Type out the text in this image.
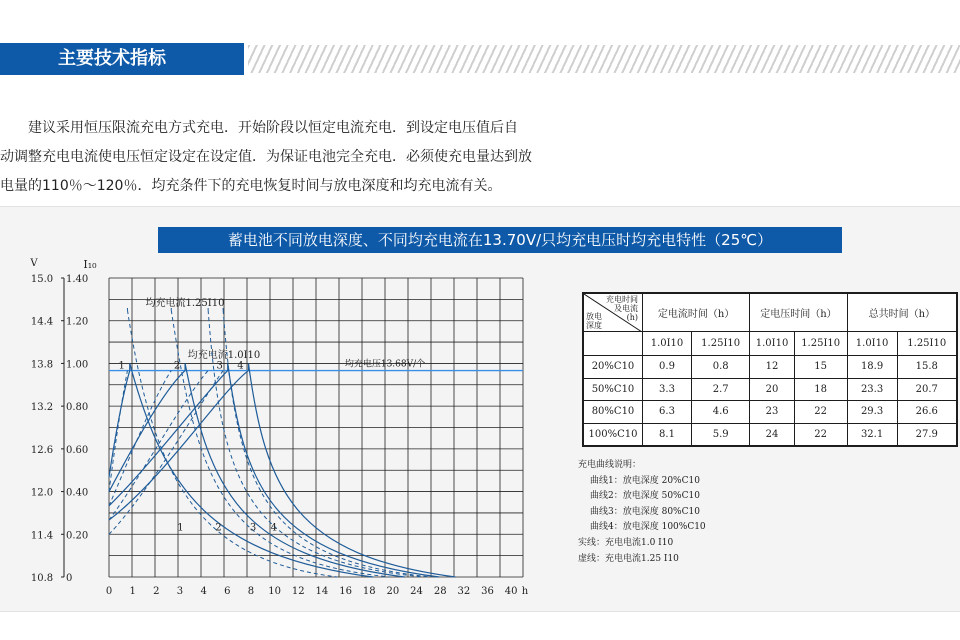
主要技术指标
　　建议采用恒压限流充电方式充电．开始阶段以恒定电流充电．到设定电压值后自
动调整充电电流使电压恒定设定在设定值．为保证电池完全充电．必须使充电量达到放
电量的110％～120％．均充条件下的充电恢复时间与放电深度和均充电流有关。
蓄电池不同放电深度、不同均充电流在13.70V/只均充电压时均充电特性（25℃）
V	I₁₀
h
15.0
14.4
13.8
13.2
12.6
12.0
11.4
10.8
1.40
1.20
1.00
0.80
0.60
0.40
0.20
0
0 1 2 3 4 6 8 10 12 14 16 18 20 24 28 32 36 40
均充电压13.68V/个
均充电流1.25I10
均充电流1.0I10
1
1
2
2
3
3
4
4
充电时间
及电流
(h)
放电
深度	定电流时间（h）		定电压时间（h）		总共时间（h）	
	1.0I10	1.25I10	1.0I10	1.25I10	1.0I10	1.25I10
20%C10	0.9	0.8	12	15	18.9	15.8
50%C10	3.3	2.7	20	18	23.3	20.7
80%C10	6.3	4.6	23	22	29.3	26.6
100%C10	8.1	5.9	24	22	32.1	27.9
充电曲线说明：
曲线1：放电深度 20%C10
曲线2：放电深度 50%C10
曲线3：放电深度 80%C10
曲线4：放电深度 100%C10
实线：充电电流1.0 I10
虚线：充电电流1.25 I10
